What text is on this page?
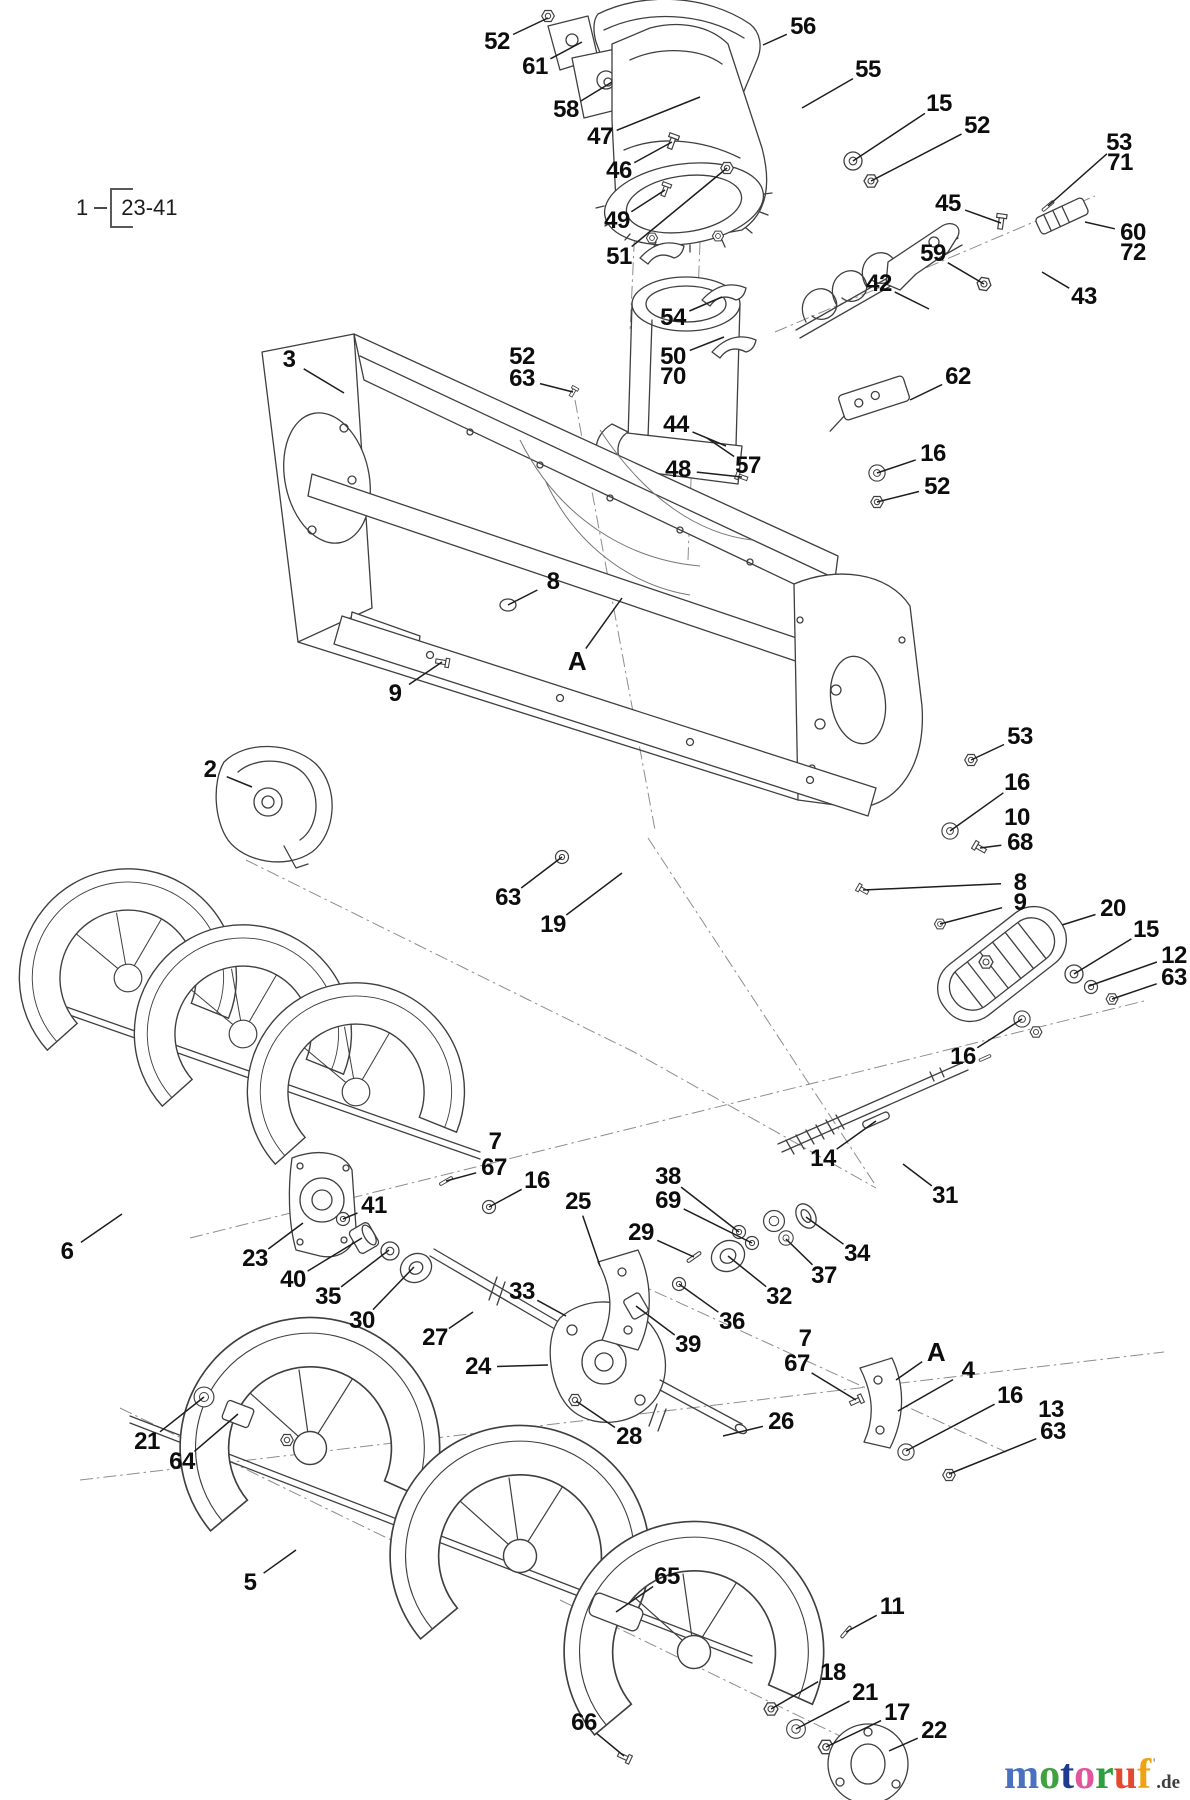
52
61
58
47
46
49
51
56
55
15
52
53
71
45
60
72
59
43
42
62
54
50
70
52
63
44
48
16
52
57
3
8
A
9
2
63
19
53
16
10
68
8
9	20
15
12
63
16
6	23
41
40
35
30
27
24
33
25
7
67 16	38
69
29
14
31
34
37
32
36
39
26
28
7
67	A
4
16
13
63
21
64
5	65
11
18
21
17
22
66
1	23-41
motoruf '
.de
